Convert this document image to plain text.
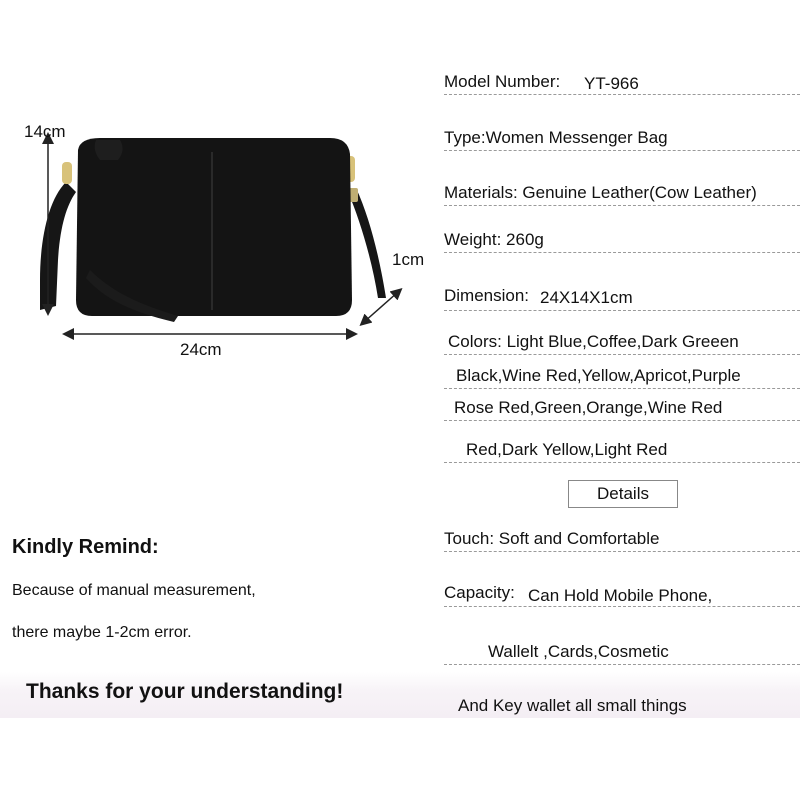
14cm
1cm
24cm
Model Number: YT-966
Type:Women Messenger Bag
Materials: Genuine Leather(Cow Leather)
Weight: 260g
Dimension: 24X14X1cm
Colors: Light Blue,Coffee,Dark Greeen
Black,Wine Red,Yellow,Apricot,Purple
Rose Red,Green,Orange,Wine Red
Red,Dark Yellow,Light Red
Details
Touch: Soft and Comfortable
Capacity: Can Hold Mobile Phone,
Wallelt ,Cards,Cosmetic
Kindly Remind:
Because of manual measurement,
there maybe 1-2cm error.
Thanks for your understanding!
And Key wallet all small things
